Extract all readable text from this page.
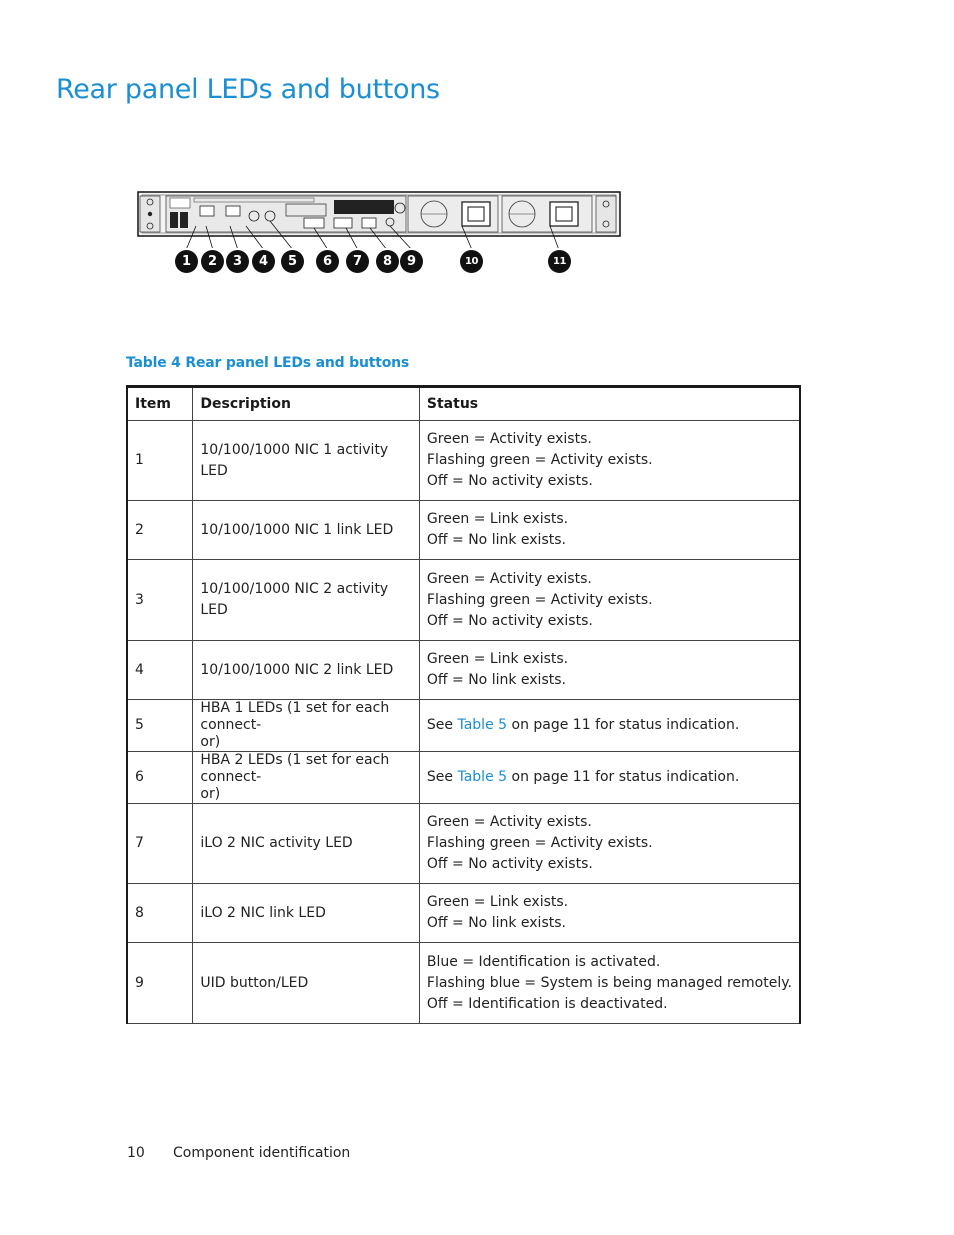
Rear panel LEDs and buttons
1	2	3	4	5	6	7	8	9	10	11
Table 4 Rear panel LEDs and buttons
Item	Description	Status
1	10/100/1000 NIC 1 activity LED	Green = Activity exists.
Flashing green = Activity exists.
Off = No activity exists.

2	10/100/1000 NIC 1 link LED	Green = Link exists.
Off = No link exists.

3	10/100/1000 NIC 2 activity LED	Green = Activity exists.
Flashing green = Activity exists.
Off = No activity exists.

4	10/100/1000 NIC 2 link LED	Green = Link exists.
Off = No link exists.

5	HBA 1 LEDs (1 set for each connect-
or)	See Table 5 on page 11 for status indication.

6	HBA 2 LEDs (1 set for each connect-
or)	See Table 5 on page 11 for status indication.

7	iLO 2 NIC activity LED	Green = Activity exists.
Flashing green = Activity exists.
Off = No activity exists.

8	iLO 2 NIC link LED	Green = Link exists.
Off = No link exists.

9	UID button/LED	Blue = Identification is activated.
Flashing blue = System is being managed remotely.
Off = Identification is deactivated.
10 Component identification
